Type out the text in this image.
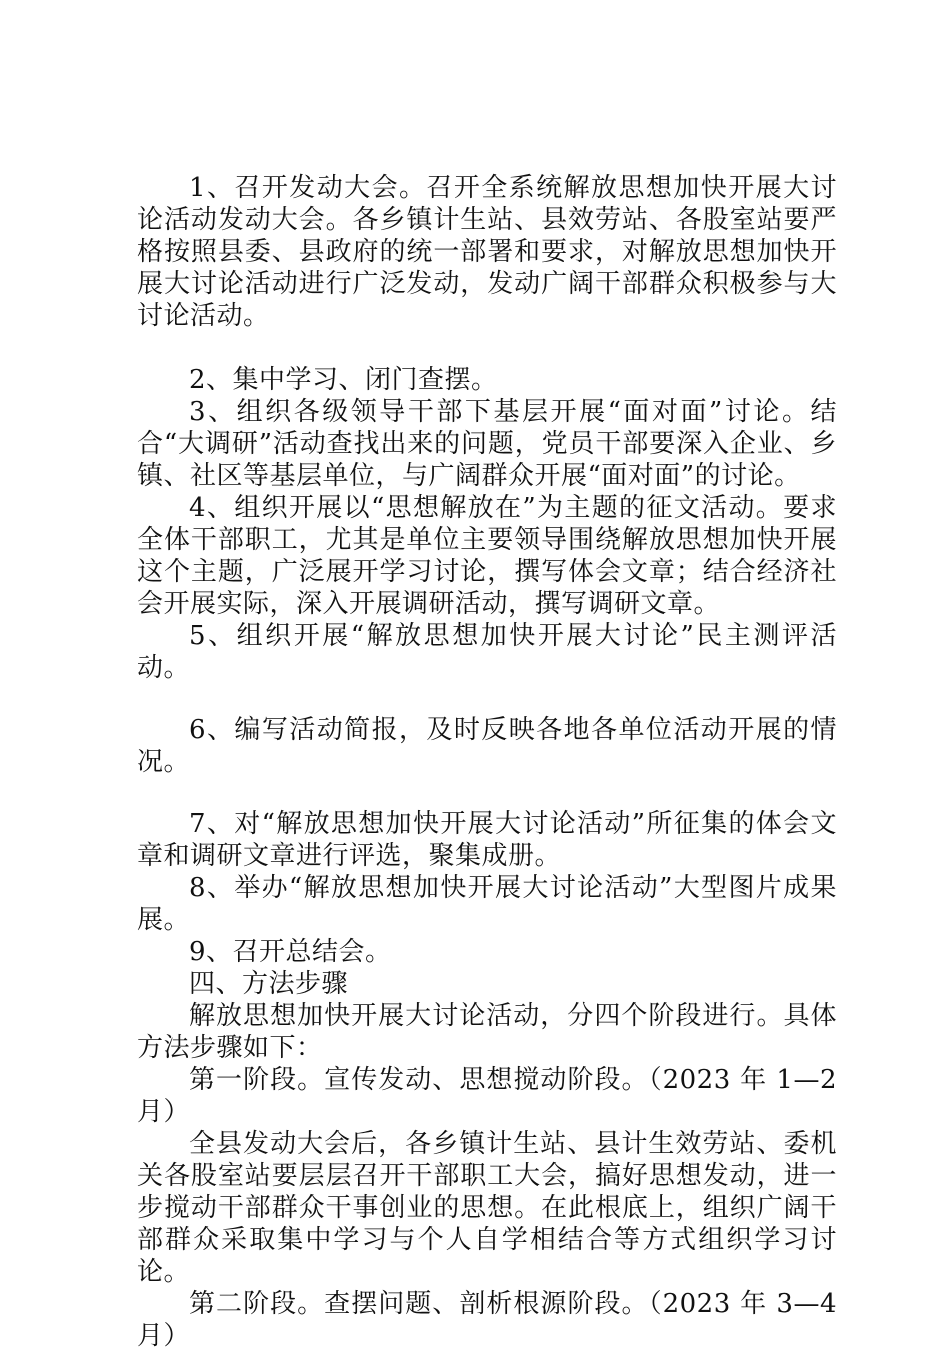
1、召开发动大会。召开全系统解放思想加快开展大讨论活动发动大会。各乡镇计生站、县效劳站、各股室站要严格按照县委、县政府的统一部署和要求，对解放思想加快开展大讨论活动进行广泛发动，发动广阔干部群众积极参与大讨论活动。

2、集中学习、闭门查摆。

3、组织各级领导干部下基层开展“面对面”讨论。结合“大调研”活动查找出来的问题，党员干部要深入企业、乡镇、社区等基层单位，与广阔群众开展“面对面”的讨论。

4、组织开展以“思想解放在”为主题的征文活动。要求全体干部职工，尤其是单位主要领导围绕解放思想加快开展这个主题，广泛展开学习讨论，撰写体会文章；结合经济社会开展实际，深入开展调研活动，撰写调研文章。

5、组织开展“解放思想加快开展大讨论”民主测评活动。

6、编写活动简报，及时反映各地各单位活动开展的情况。

7、对“解放思想加快开展大讨论活动”所征集的体会文章和调研文章进行评选，聚集成册。

8、举办“解放思想加快开展大讨论活动”大型图片成果展。

9、召开总结会。

四、方法步骤

解放思想加快开展大讨论活动，分四个阶段进行。具体方法步骤如下：

第一阶段。宣传发动、思想搅动阶段。（2023 年 1—2 月）

全县发动大会后，各乡镇计生站、县计生效劳站、委机关各股室站要层层召开干部职工大会，搞好思想发动，进一步搅动干部群众干事创业的思想。在此根底上，组织广阔干部群众采取集中学习与个人自学相结合等方式组织学习讨论。

第二阶段。查摆问题、剖析根源阶段。（2023 年 3—4 月）
